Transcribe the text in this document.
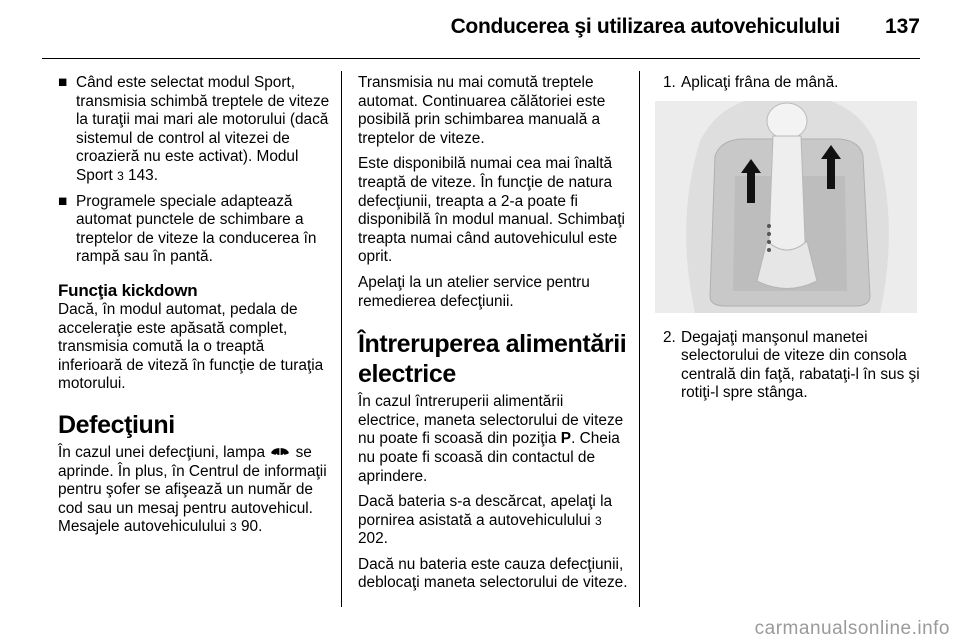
Conducerea şi utilizarea autovehiculului	137
■ Când este selectat modul Sport, transmisia schimbă treptele de viteze la turaţii mai mari ale motorului (dacă sistemul de control al vitezei de croazieră nu este activat). Modul Sport 3 143.
■ Programele speciale adaptează automat punctele de schimbare a treptelor de viteze la conducerea în rampă sau în pantă.
Funcţia kickdown

Dacă, în modul automat, pedala de acceleraţie este apăsată complet, transmisia comută la o treaptă inferioară de viteză în funcţie de turaţia motorului.

Defecţiuni

În cazul unei defecţiuni, lampa se aprinde. În plus, în Centrul de informaţii pentru şofer se afişează un număr de cod sau un mesaj pentru autovehicul. Mesajele autovehiculului 3 90.

Transmisia nu mai comută treptele automat. Continuarea călătoriei este posibilă prin schimbarea manuală a treptelor de viteze.

Este disponibilă numai cea mai înaltă treaptă de viteze. În funcţie de natura defecţiunii, treapta a 2-a poate fi disponibilă în modul manual. Schimbaţi treapta numai când autovehiculul este oprit.

Apelaţi la un atelier service pentru remedierea defecţiunii.

Întreruperea alimentării electrice

În cazul întreruperii alimentării electrice, maneta selectorului de viteze nu poate fi scoasă din poziţia P. Cheia nu poate fi scoasă din contactul de aprindere.

Dacă bateria s-a descărcat, apelaţi la pornirea asistată a autovehiculului 3 202.

Dacă nu bateria este cauza defecţiunii, deblocaţi maneta selectorului de viteze.

1. Aplicaţi frâna de mână.
2. Degajaţi manşonul manetei selectorului de viteze din consola centrală din faţă, rabataţi-l în sus şi rotiţi-l spre stânga.
carmanualsonline.info
